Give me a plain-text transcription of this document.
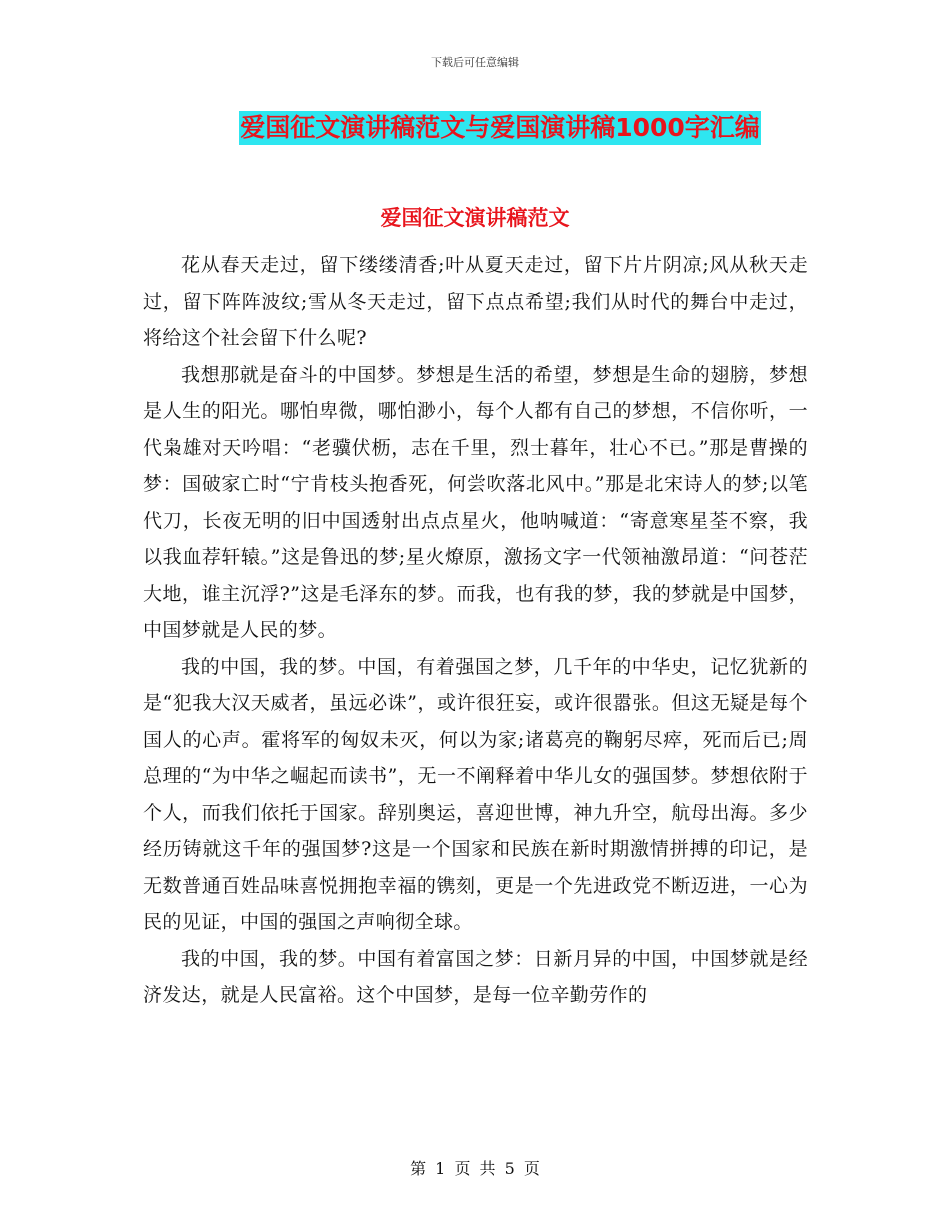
下载后可任意编辑
爱国征文演讲稿范文与爱国演讲稿1000字汇编
爱国征文演讲稿范文

花从春天走过，留下缕缕清香;叶从夏天走过，留下片片阴凉;风从秋天走过，留下阵阵波纹;雪从冬天走过，留下点点希望;我们从时代的舞台中走过，将给这个社会留下什么呢?

我想那就是奋斗的中国梦。梦想是生活的希望，梦想是生命的翅膀，梦想是人生的阳光。哪怕卑微，哪怕渺小，每个人都有自己的梦想，不信你听，一代枭雄对天吟唱：“老骥伏枥，志在千里，烈士暮年，壮心不已。”那是曹操的梦：国破家亡时“宁肯枝头抱香死，何尝吹落北风中。”那是北宋诗人的梦;以笔代刀，长夜无明的旧中国透射出点点星火，他呐喊道：“寄意寒星荃不察，我以我血荐轩辕。”这是鲁迅的梦;星火燎原，激扬文字一代领袖激昂道：“问苍茫大地，谁主沉浮?”这是毛泽东的梦。而我，也有我的梦，我的梦就是中国梦，中国梦就是人民的梦。

我的中国，我的梦。中国，有着强国之梦，几千年的中华史，记忆犹新的是“犯我大汉天威者，虽远必诛”，或许很狂妄，或许很嚣张。但这无疑是每个国人的心声。霍将军的匈奴未灭，何以为家;诸葛亮的鞠躬尽瘁，死而后已;周总理的“为中华之崛起而读书”，无一不阐释着中华儿女的强国梦。梦想依附于个人，而我们依托于国家。辞别奥运，喜迎世博，神九升空，航母出海。多少经历铸就这千年的强国梦?这是一个国家和民族在新时期激情拼搏的印记，是无数普通百姓品味喜悦拥抱幸福的镌刻，更是一个先进政党不断迈进，一心为民的见证，中国的强国之声响彻全球。

我的中国，我的梦。中国有着富国之梦：日新月异的中国，中国梦就是经济发达，就是人民富裕。这个中国梦，是每一位辛勤劳作的

第 1 页 共 5 页
